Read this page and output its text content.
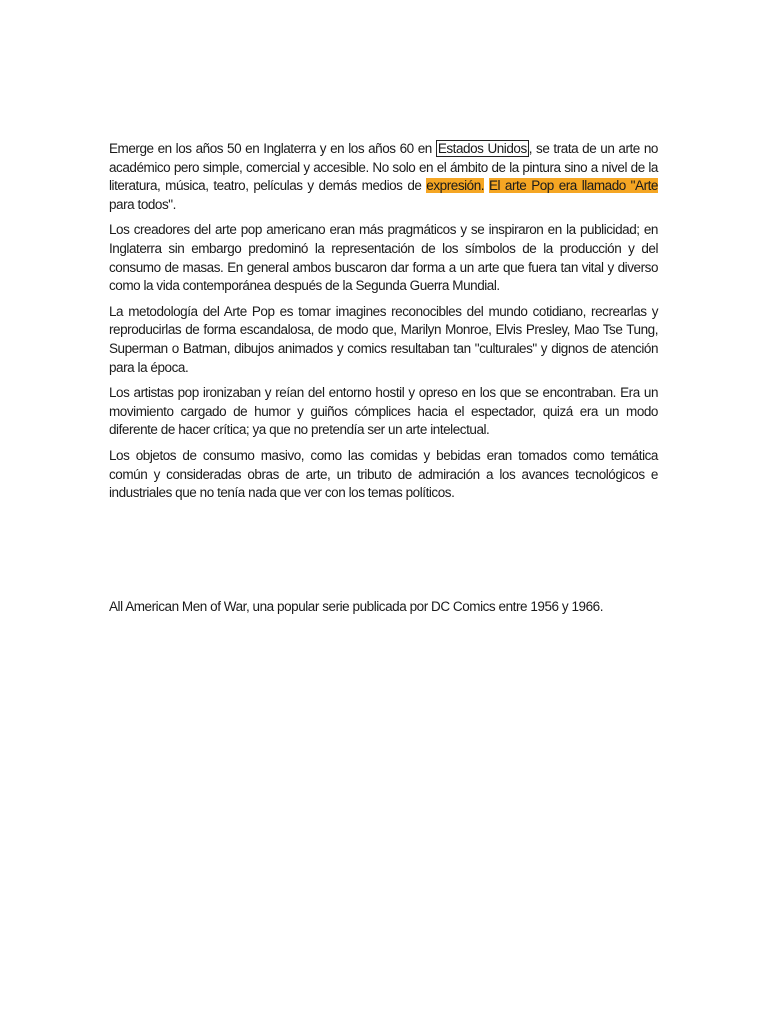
Emerge en los años 50 en Inglaterra y en los años 60 en Estados Unidos , se trata de un arte no académico pero simple, comercial y accesible. No solo en el ámbito de la pintura sino a nivel de la literatura, música, teatro, películas y demás medios de expresión. El arte Pop era llamado "Arte para todos".

Los creadores del arte pop americano eran más pragmáticos y se inspiraron en la publicidad; en Inglaterra sin embargo predominó la representación de los símbolos de la producción y del consumo de masas. En general ambos buscaron dar forma a un arte que fuera tan vital y diverso como la vida contemporánea después de la Segunda Guerra Mundial.

La metodología del Arte Pop es tomar imagines reconocibles del mundo cotidiano, recrearlas y reproducirlas de forma escandalosa, de modo que, Marilyn Monroe, Elvis Presley, Mao Tse Tung, Superman o Batman, dibujos animados y comics resultaban tan "culturales" y dignos de atención para la época.

Los artistas pop ironizaban y reían del entorno hostil y opreso en los que se encontraban. Era un movimiento cargado de humor y guiños cómplices hacia el espectador, quizá era un modo diferente de hacer crítica; ya que no pretendía ser un arte intelectual.

Los objetos de consumo masivo, como las comidas y bebidas eran tomados como temática común y consideradas obras de arte, un tributo de admiración a los avances tecnológicos e industriales que no tenía nada que ver con los temas políticos.

All American Men of War, una popular serie publicada por DC Comics entre 1956 y 1966.
